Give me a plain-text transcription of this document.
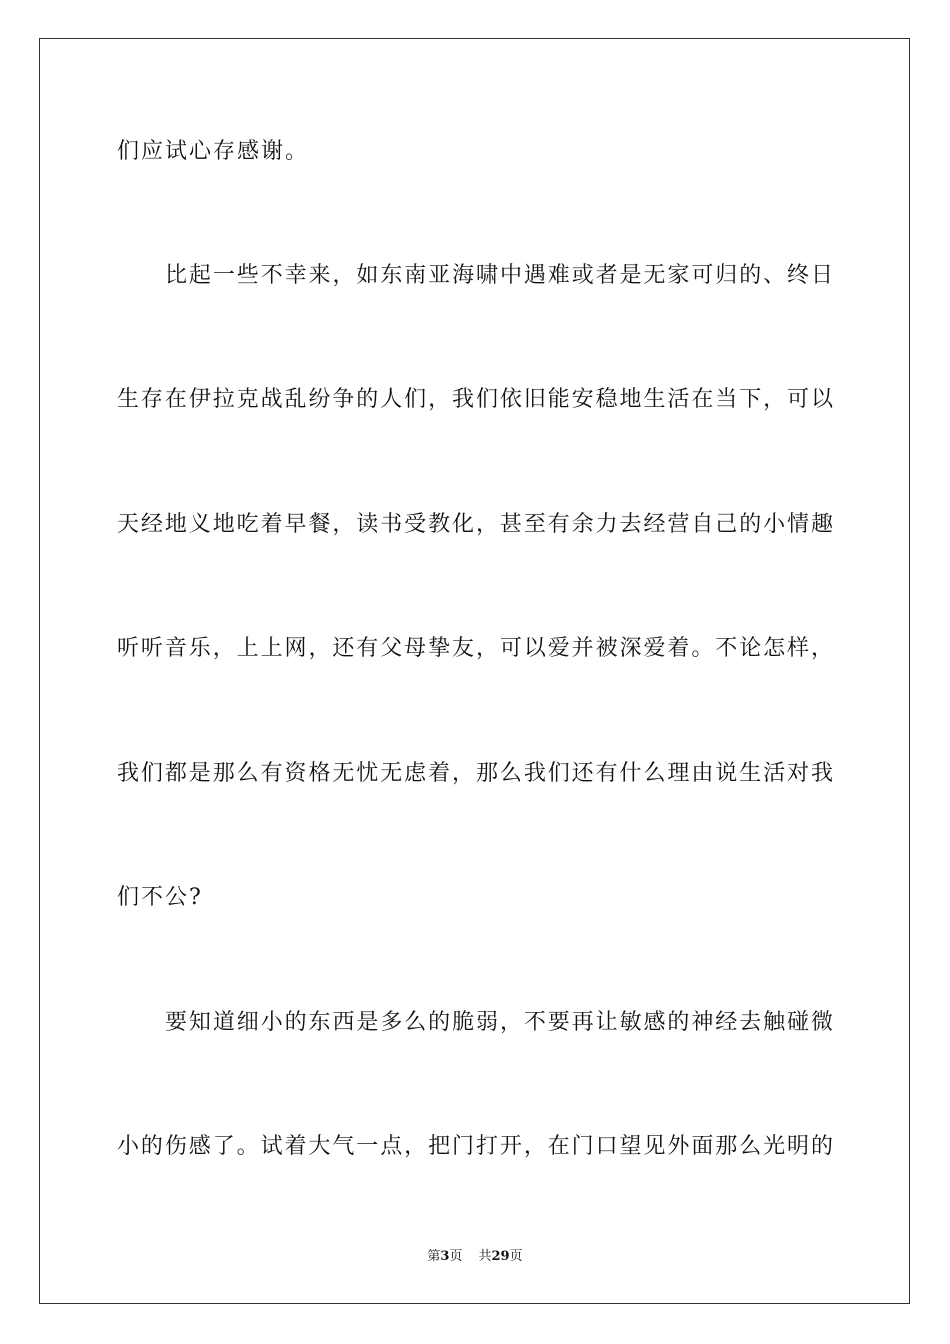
们应试心存感谢。
比起一些不幸来，如东南亚海啸中遇难或者是无家可归的、终日
生存在伊拉克战乱纷争的人们，我们依旧能安稳地生活在当下，可以
天经地义地吃着早餐，读书受教化，甚至有余力去经营自己的小情趣
听听音乐，上上网，还有父母挚友，可以爱并被深爱着。不论怎样，
我们都是那么有资格无忧无虑着，那么我们还有什么理由说生活对我
们不公?
要知道细小的东西是多么的脆弱，不要再让敏感的神经去触碰微
小的伤感了。试着大气一点，把门打开，在门口望见外面那么光明的
第3页 共29页
